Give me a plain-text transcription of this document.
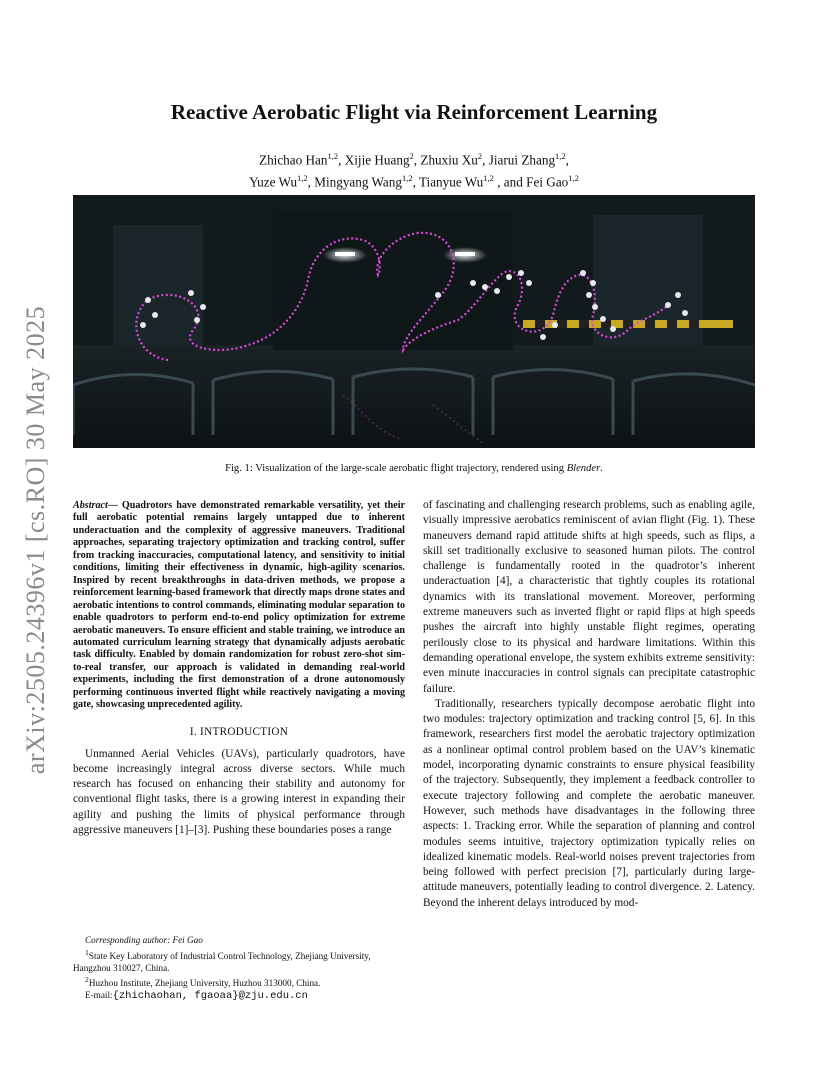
arXiv:2505.24396v1 [cs.RO] 30 May 2025
Reactive Aerobatic Flight via Reinforcement Learning
Zhichao Han$^{1,2}$, Xijie Huang$^2$, Zhuxiu Xu$^2$, Jiarui Zhang$^{1,2}$,
Yuze Wu$^{1,2}$, Mingyang Wang$^{1,2}$, Tianyue Wu$^{1,2}$ , and Fei Gao$^{1,2}$
Fig. 1: Visualization of the large-scale aerobatic flight trajectory, rendered using Blender.
Abstract— Quadrotors have demonstrated remarkable versatility, yet their full aerobatic potential remains largely untapped due to inherent underactuation and the complexity of aggressive maneuvers. Traditional approaches, separating trajectory optimization and tracking control, suffer from tracking inaccuracies, computational latency, and sensitivity to initial conditions, limiting their effectiveness in dynamic, high-agility scenarios. Inspired by recent breakthroughs in data-driven methods, we propose a reinforcement learning-based framework that directly maps drone states and aerobatic intentions to control commands, eliminating modular separation to enable quadrotors to perform end-to-end policy optimization for extreme aerobatic maneuvers. To ensure efficient and stable training, we introduce an automated curriculum learning strategy that dynamically adjusts aerobatic task difficulty. Enabled by domain randomization for robust zero-shot sim-to-real transfer, our approach is validated in demanding real-world experiments, including the first demonstration of a drone autonomously performing continuous inverted flight while reactively navigating a moving gate, showcasing unprecedented agility.
I. INTRODUCTION

Unmanned Aerial Vehicles (UAVs), particularly quadrotors, have become increasingly integral across diverse sectors. While much research has focused on enhancing their stability and autonomy for conventional flight tasks, there is a growing interest in expanding their agility and pushing the limits of physical performance through aggressive maneuvers [1]–[3]. Pushing these boundaries poses a range

Corresponding author: Fei Gao

$^1$State Key Laboratory of Industrial Control Technology, Zhejiang University, Hangzhou 310027, China.

$^2$Huzhou Institute, Zhejiang University, Huzhou 313000, China.

E-mail:{zhichaohan, fgaoaa}@zju.edu.cn

of fascinating and challenging research problems, such as enabling agile, visually impressive aerobatics reminiscent of avian flight (Fig. 1). These maneuvers demand rapid attitude shifts at high speeds, such as flips, a skill set traditionally exclusive to seasoned human pilots. The control challenge is fundamentally rooted in the quadrotor’s inherent underactuation [4], a characteristic that tightly couples its rotational dynamics with its translational movement. Moreover, performing extreme maneuvers such as inverted flight or rapid flips at high speeds pushes the aircraft into highly unstable flight regimes, operating perilously close to its physical and hardware limitations. Within this demanding operational envelope, the system exhibits extreme sensitivity: even minute inaccuracies in control signals can precipitate catastrophic failure.

Traditionally, researchers typically decompose aerobatic flight into two modules: trajectory optimization and tracking control [5, 6]. In this framework, researchers first model the aerobatic trajectory optimization as a nonlinear optimal control problem based on the UAV’s kinematic model, incorporating dynamic constraints to ensure physical feasibility of the trajectory. Subsequently, they implement a feedback controller to execute trajectory following and complete the aerobatic maneuver. However, such methods have disadvantages in the following three aspects: 1. Tracking error. While the separation of planning and control modules seems intuitive, trajectory optimization typically relies on idealized kinematic models. Real-world noises prevent trajectories from being followed with perfect precision [7], particularly during large-attitude maneuvers, potentially leading to control divergence. 2. Latency. Beyond the inherent delays introduced by mod-
